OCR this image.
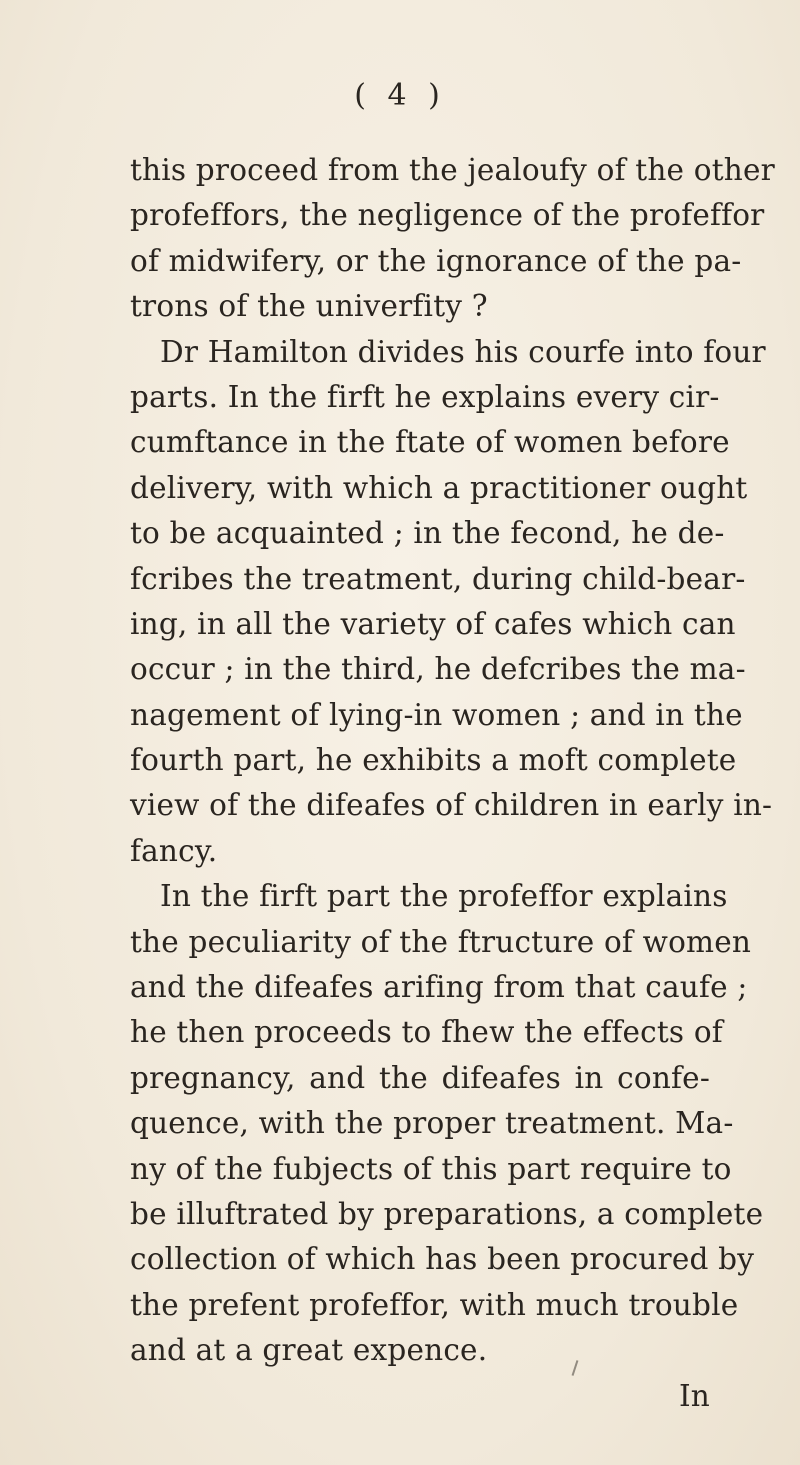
( 4 )
this proceed from the jealoufy of the other
profeffors, the negligence of the profeffor
of midwifery, or the ignorance of the pa-
trons of the univerfity ?
Dr Hamilton divides his courfe into four
parts. In the firft he explains every cir-
cumftance in the ftate of women before
delivery, with which a practitioner ought
to be acquainted ; in the fecond, he de-
fcribes the treatment, during child-bear-
ing, in all the variety of cafes which can
occur ; in the third, he defcribes the ma-
nagement of lying-in women ; and in the
fourth part, he exhibits a moft complete
view of the difeafes of children in early in-
fancy.
In the firft part the profeffor explains
the peculiarity of the ftructure of women
and the difeafes arifing from that caufe ;
he then proceeds to fhew the effects of
pregnancy, and the difeafes in confe-
quence, with the proper treatment. Ma-
ny of the fubjects of this part require to
be illuftrated by preparations, a complete
collection of which has been procured by
the prefent profeffor, with much trouble
and at a great expence.
In
